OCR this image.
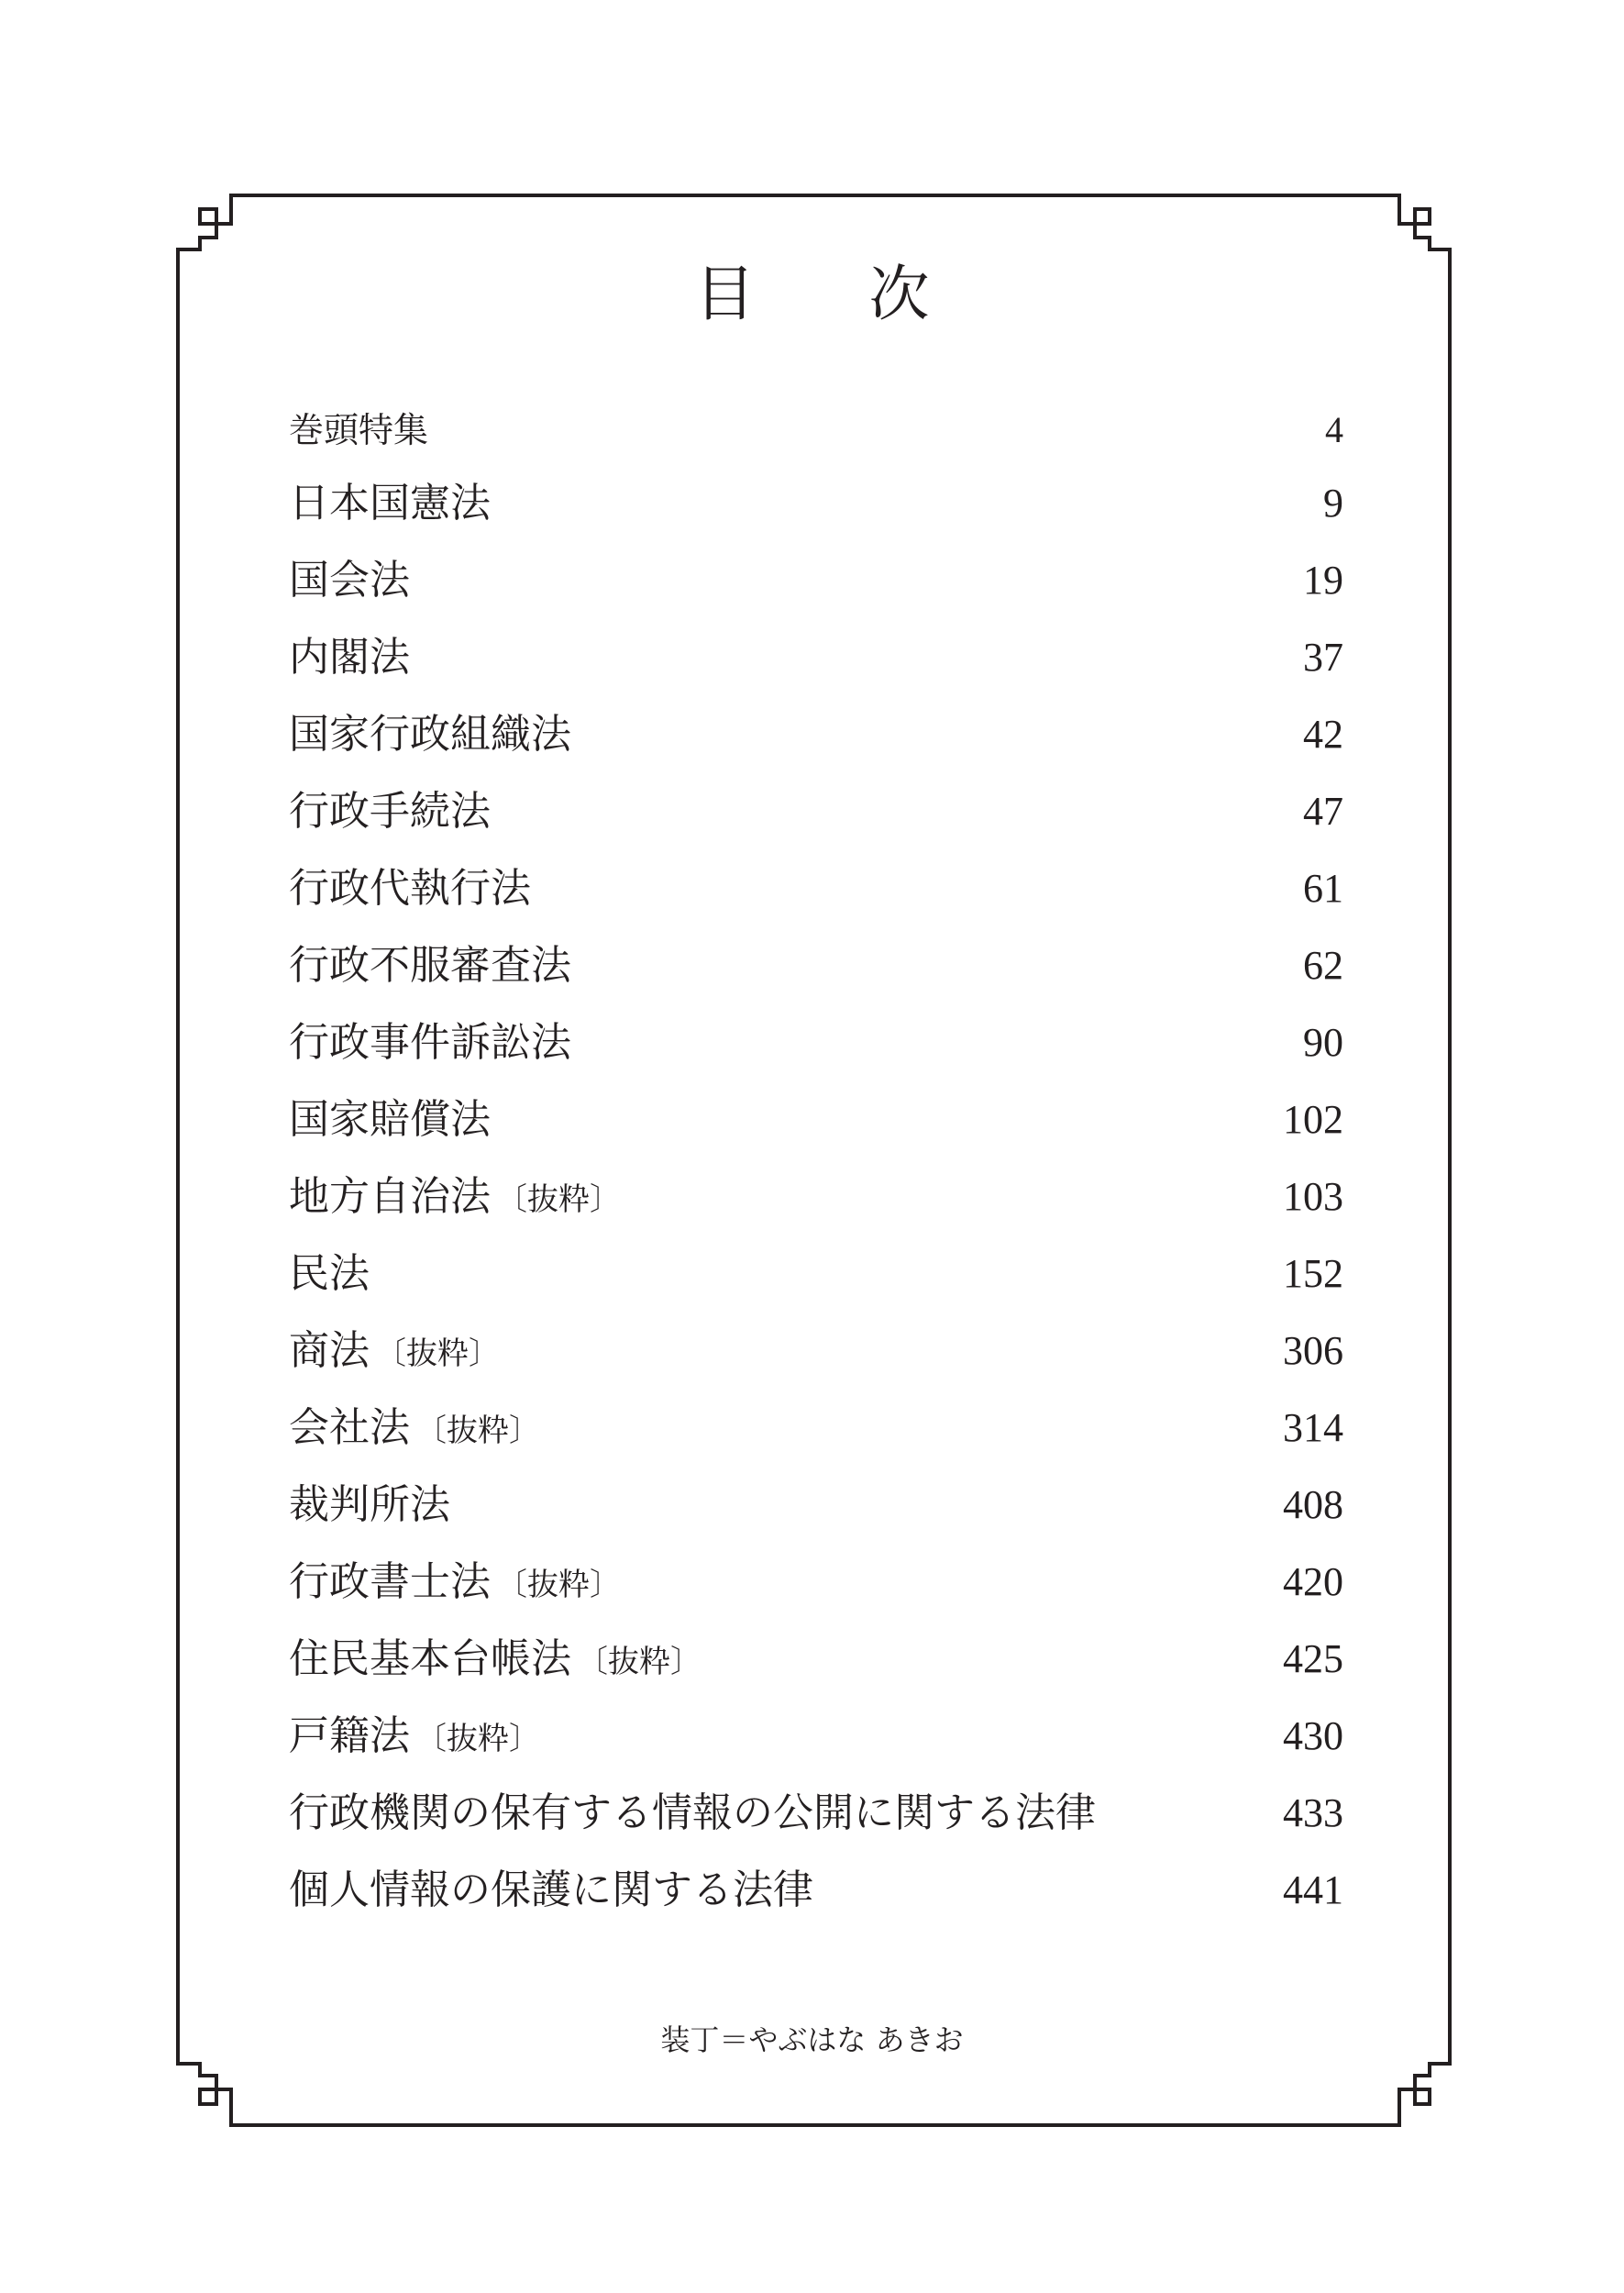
目 次
巻頭特集	4
日本国憲法	9
国会法	19
内閣法	37
国家行政組織法	42
行政手続法	47
行政代執行法	61
行政不服審査法	62
行政事件訴訟法	90
国家賠償法	102
地方自治法 〔抜粋〕	103
民法	152
商法 〔抜粋〕	306
会社法 〔抜粋〕	314
裁判所法	408
行政書士法 〔抜粋〕	420
住民基本台帳法 〔抜粋〕	425
戸籍法 〔抜粋〕	430
行政機関の保有する情報の公開に関する法律	433
個人情報の保護に関する法律	441
装丁＝やぶはな あきお
